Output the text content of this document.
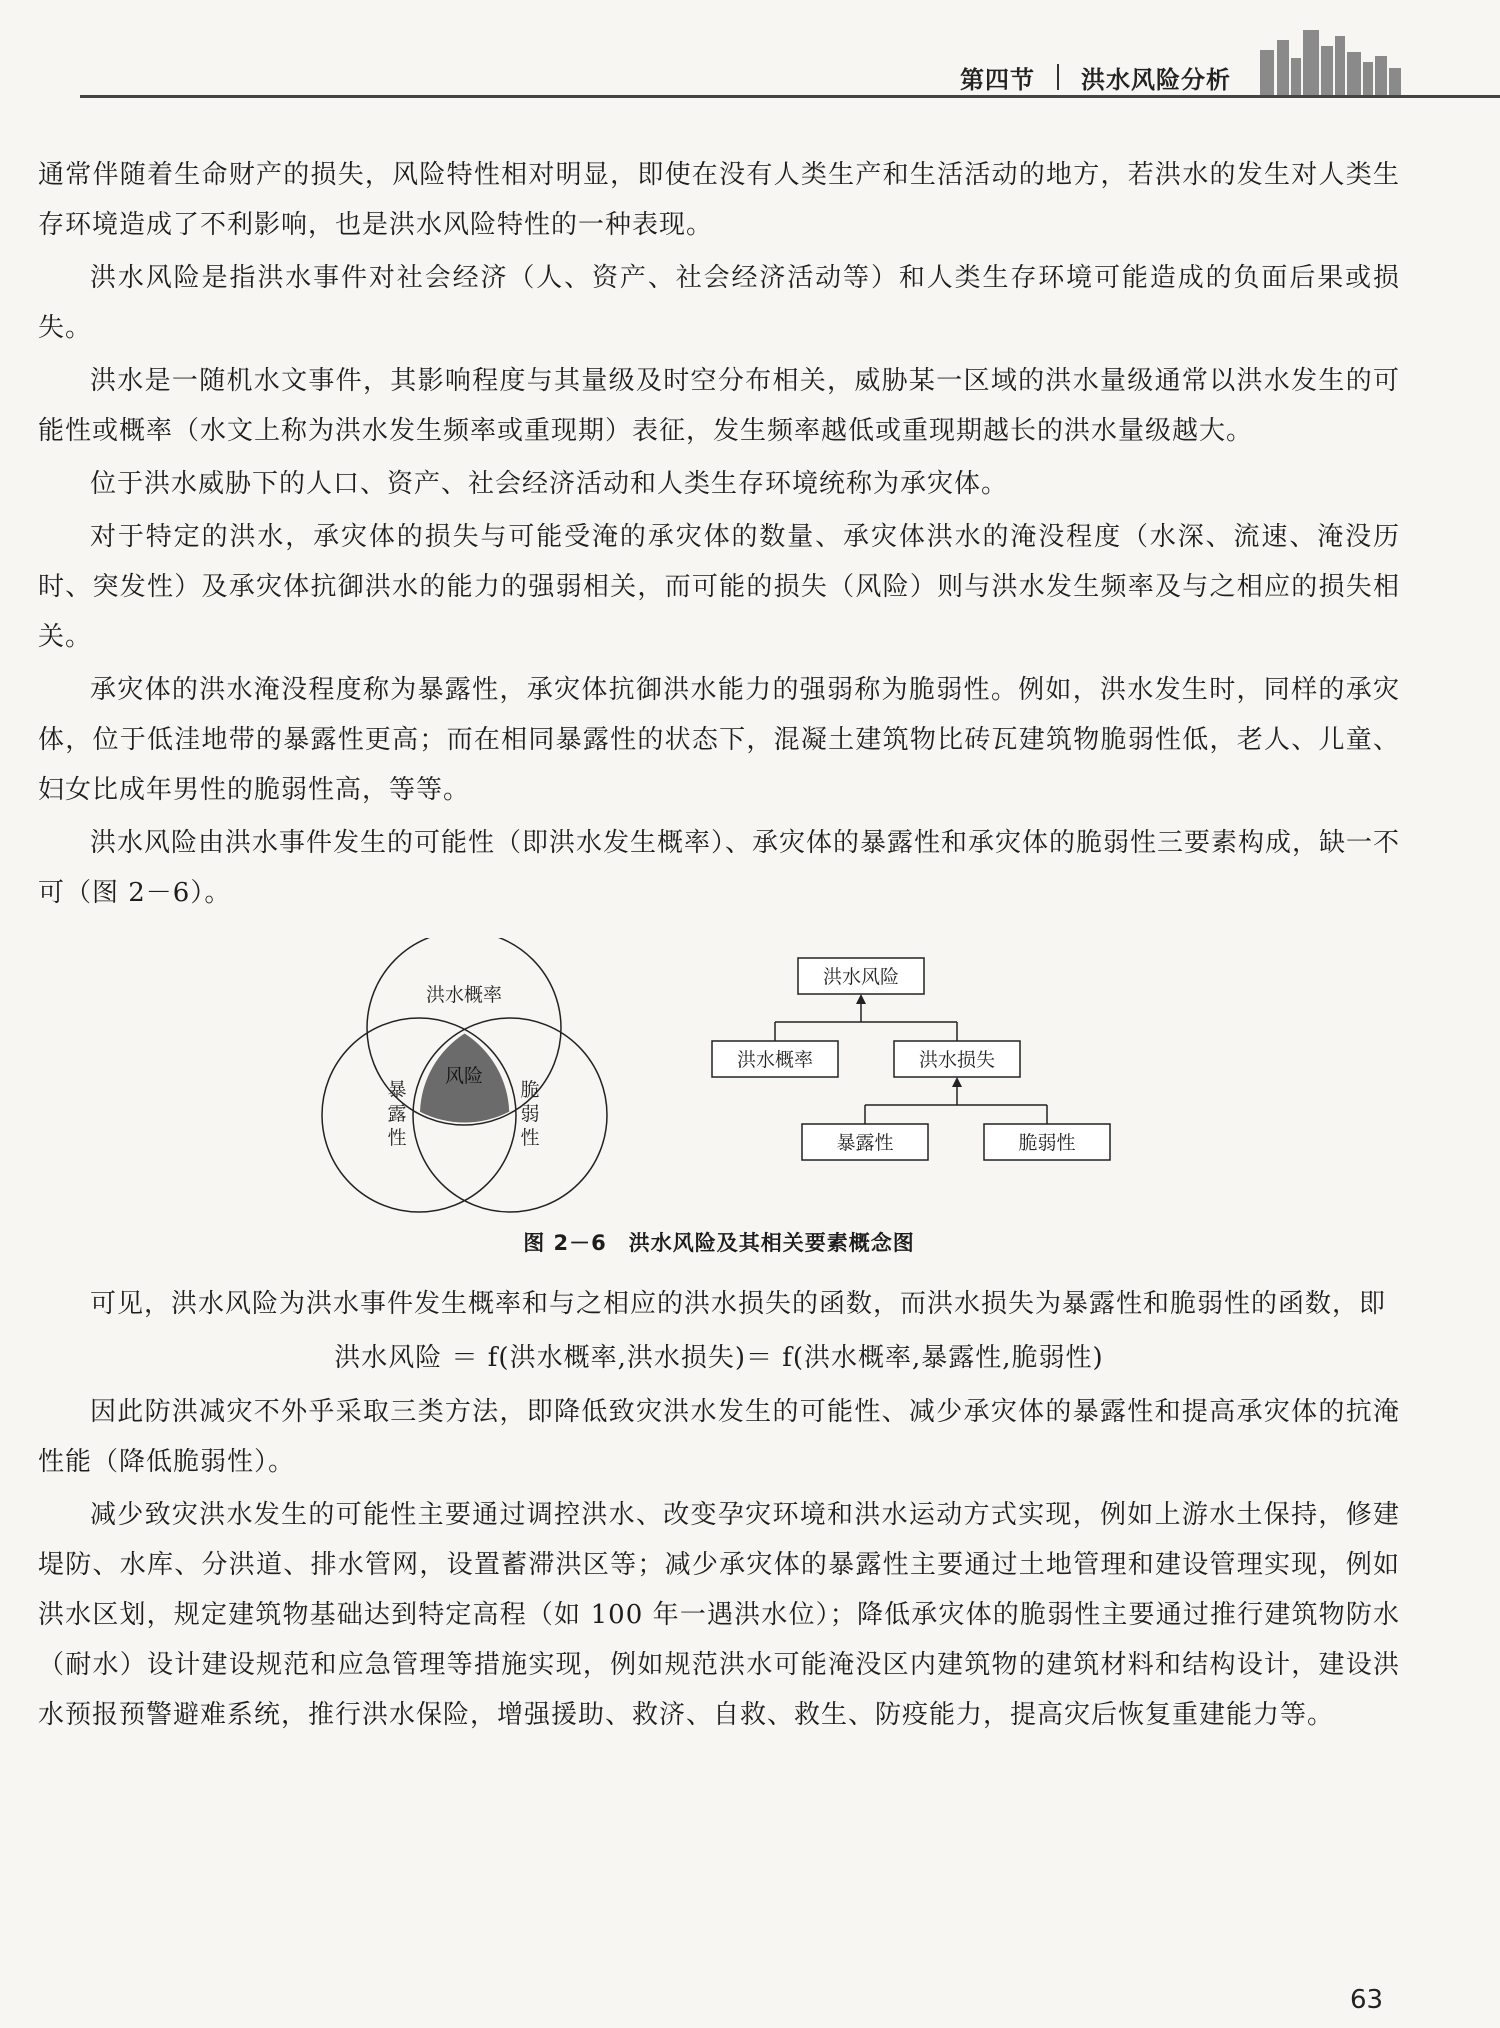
第四节 洪水风险分析

通常伴随着生命财产的损失，风险特性相对明显，即使在没有人类生产和生活活动的地方，若洪水的发生对人类生存环境造成了不利影响，也是洪水风险特性的一种表现。

洪水风险是指洪水事件对社会经济（人、资产、社会经济活动等）和人类生存环境可能造成的负面后果或损失。

洪水是一随机水文事件，其影响程度与其量级及时空分布相关，威胁某一区域的洪水量级通常以洪水发生的可能性或概率（水文上称为洪水发生频率或重现期）表征，发生频率越低或重现期越长的洪水量级越大。

位于洪水威胁下的人口、资产、社会经济活动和人类生存环境统称为承灾体。

对于特定的洪水，承灾体的损失与可能受淹的承灾体的数量、承灾体洪水的淹没程度（水深、流速、淹没历时、突发性）及承灾体抗御洪水的能力的强弱相关，而可能的损失（风险）则与洪水发生频率及与之相应的损失相关。

承灾体的洪水淹没程度称为暴露性，承灾体抗御洪水能力的强弱称为脆弱性。例如，洪水发生时，同样的承灾体，位于低洼地带的暴露性更高；而在相同暴露性的状态下，混凝土建筑物比砖瓦建筑物脆弱性低，老人、儿童、妇女比成年男性的脆弱性高，等等。

洪水风险由洪水事件发生的可能性（即洪水发生概率）、承灾体的暴露性和承灾体的脆弱性三要素构成，缺一不可（图 2－6）。

洪水概率
风险
暴
露
性
脆
弱
性
洪水风险
洪水概率	洪水损失
暴露性	脆弱性
图 2－6　洪水风险及其相关要素概念图

可见，洪水风险为洪水事件发生概率和与之相应的洪水损失的函数，而洪水损失为暴露性和脆弱性的函数，即

洪水风险 ＝ f(洪水概率,洪水损失)＝ f(洪水概率,暴露性,脆弱性)

因此防洪减灾不外乎采取三类方法，即降低致灾洪水发生的可能性、减少承灾体的暴露性和提高承灾体的抗淹性能（降低脆弱性）。

减少致灾洪水发生的可能性主要通过调控洪水、改变孕灾环境和洪水运动方式实现，例如上游水土保持，修建堤防、水库、分洪道、排水管网，设置蓄滞洪区等；减少承灾体的暴露性主要通过土地管理和建设管理实现，例如洪水区划，规定建筑物基础达到特定高程（如 100 年一遇洪水位）；降低承灾体的脆弱性主要通过推行建筑物防水（耐水）设计建设规范和应急管理等措施实现，例如规范洪水可能淹没区内建筑物的建筑材料和结构设计，建设洪水预报预警避难系统，推行洪水保险，增强援助、救济、自救、救生、防疫能力，提高灾后恢复重建能力等。

63
